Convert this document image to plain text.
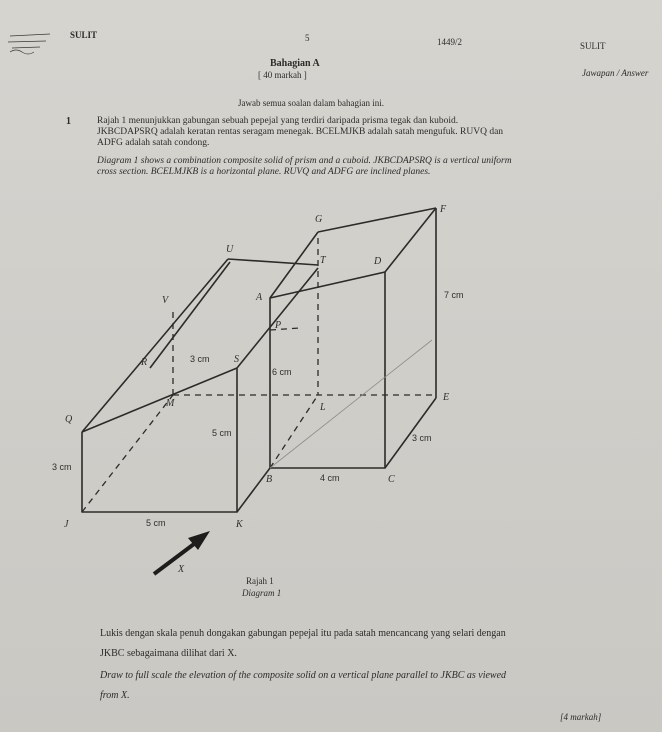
SULIT	5	1449/2	SULIT
Jawapan / Answer
Bahagian A
[ 40 markah ]
Jawab semua soalan dalam bahagian ini.
1	Rajah 1 menunjukkan gabungan sebuah pepejal yang terdiri daripada prisma tegak dan kuboid. JKBCDAPSRQ adalah keratan rentas seragam menegak. BCELMJKB adalah satah mengufuk. RUVQ dan ADFG adalah satah condong.
Diagram 1 shows a combination composite solid of prism and a cuboid. JKBCDAPSRQ is a vertical uniform cross section. BCELMJKB is a horizontal plane. RUVQ and ADFG are inclined planes.
G
F
U
T	D
V	A
P
R	S
M	L
E
Q
B	C
J	K
7 cm
3 cm
6 cm
5 cm	3 cm
3 cm
4 cm
5 cm
X
Rajah 1
Diagram 1
Lukis dengan skala penuh dongakan gabungan pepejal itu pada satah mencancang yang selari dengan JKBC sebagaimana dilihat dari X.
Draw to full scale the elevation of the composite solid on a vertical plane parallel to JKBC as viewed from X.
[4 markah]
